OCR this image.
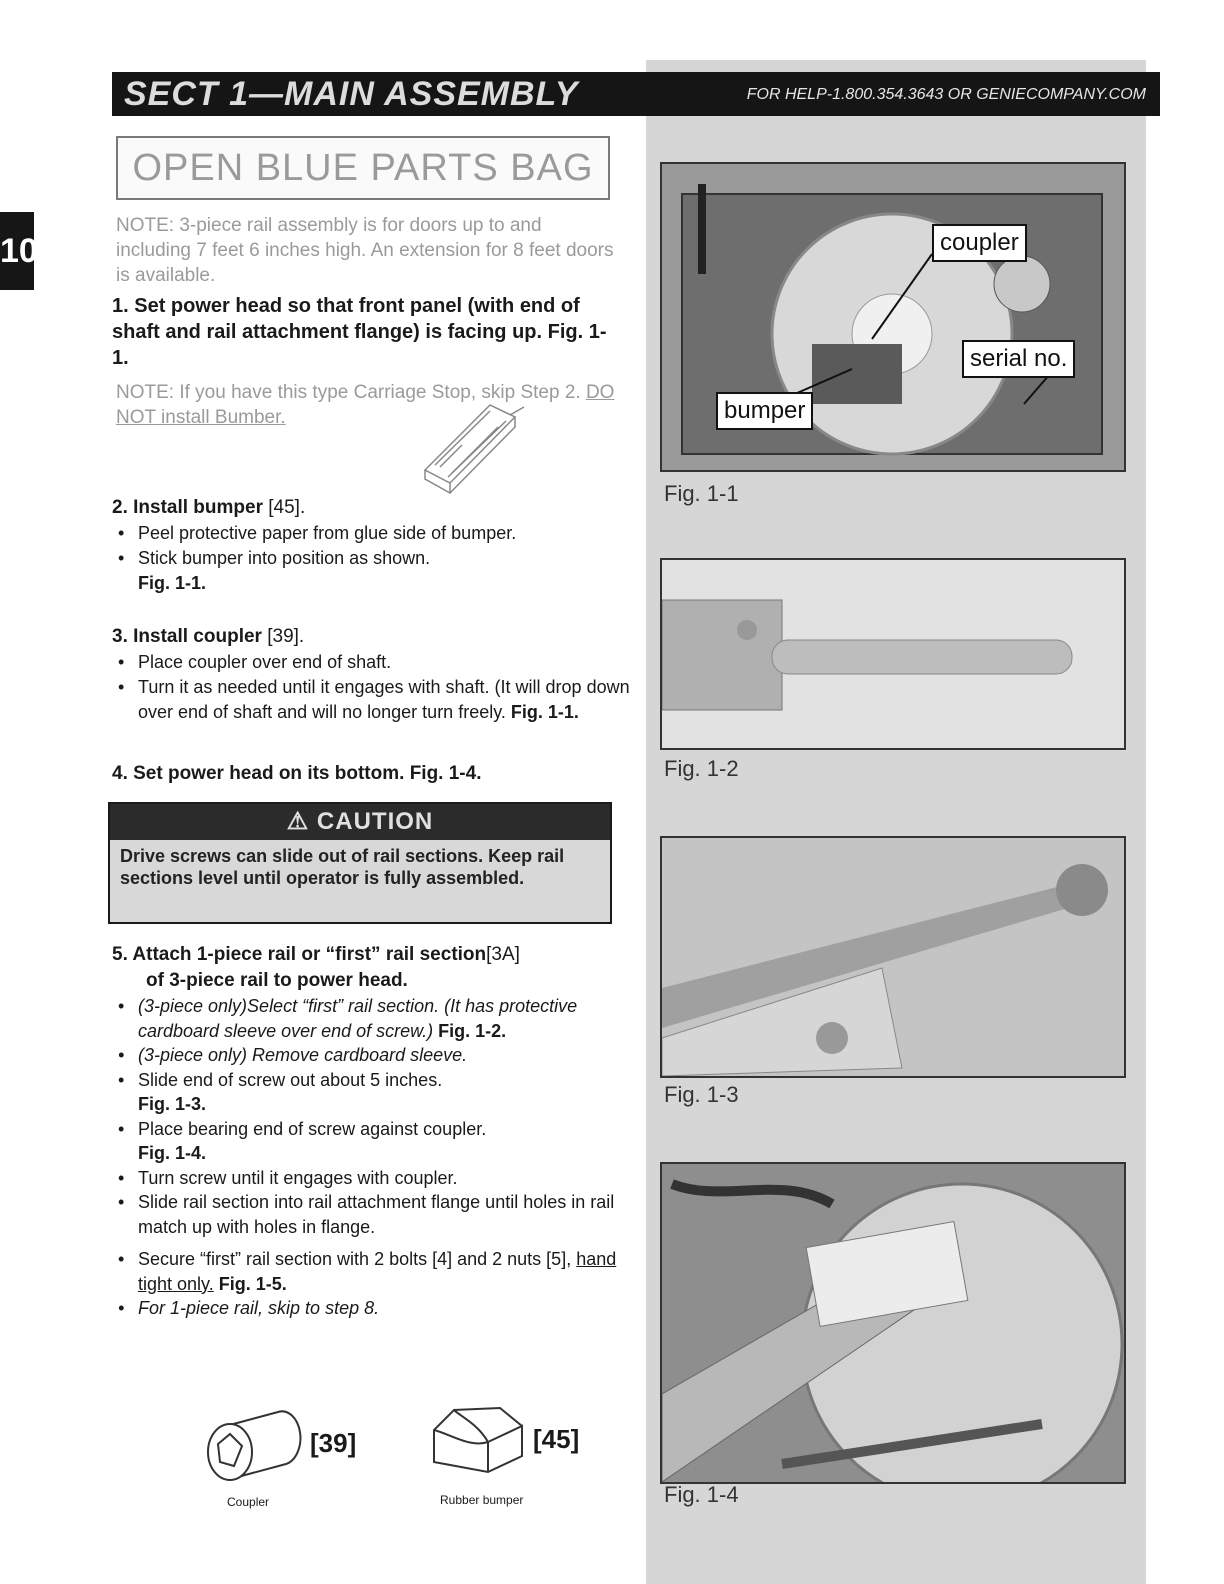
SECT 1—MAIN ASSEMBLY	FOR HELP-1.800.354.3643 OR GENIECOMPANY.COM
10
OPEN BLUE PARTS BAG
NOTE: 3-piece rail assembly is for doors up to and including 7 feet 6 inches high. An extension for 8 feet doors is available.
1. Set power head so that front panel (with end of shaft and rail attachment flange) is facing up. Fig. 1-1.
NOTE: If you have this type Carriage Stop, skip Step 2. DO NOT install Bumber.
2. Install bumper [45].
• Peel protective paper from glue side of bumper.
• Stick bumper into position as shown.
Fig. 1-1.
3. Install coupler [39].
• Place coupler over end of shaft.
• Turn it as needed until it engages with shaft. (It will drop down over end of shaft and will no longer turn freely. Fig. 1-1.
4. Set power head on its bottom. Fig. 1-4.
⚠ CAUTION
Drive screws can slide out of rail sections. Keep rail sections level until operator is fully assembled.
5. Attach 1-piece rail or “first” rail section[3A]
of 3-piece rail to power head.
• (3-piece only)Select “first” rail section. (It has protective cardboard sleeve over end of screw.) Fig. 1-2.
• (3-piece only) Remove cardboard sleeve.
• Slide end of screw out about 5 inches.
Fig. 1-3.
• Place bearing end of screw against coupler.
Fig. 1-4.
• Turn screw until it engages with coupler.
• Slide rail section into rail attachment flange until holes in rail match up with holes in flange.
• Secure “first” rail section with 2 bolts [4] and 2 nuts [5], hand tight only. Fig. 1-5.
• For 1-piece rail, skip to step 8.
[39]
Coupler
[45]
Rubber bumper
coupler
serial no.
bumper
Fig. 1-1
Fig. 1-2
Fig. 1-3
Fig. 1-4
